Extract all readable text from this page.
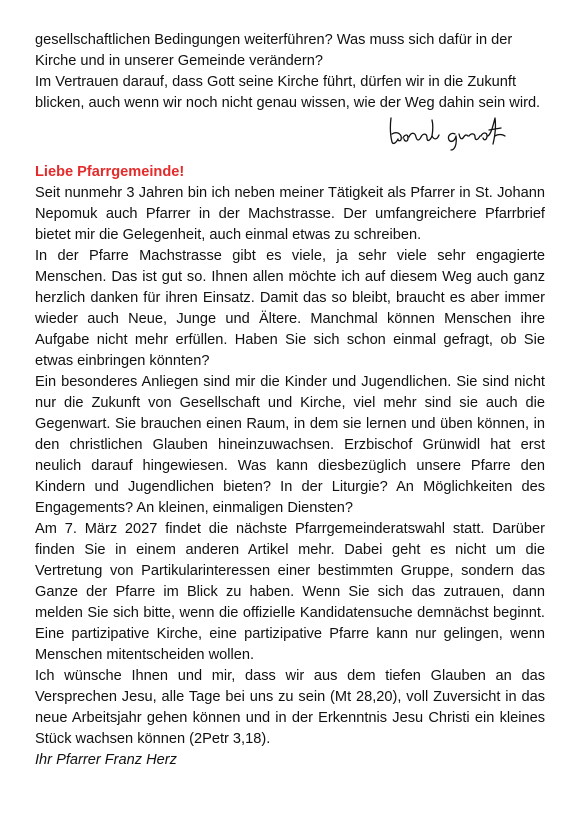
gesellschaftlichen Bedingungen weiterführen? Was muss sich dafür in der Kirche und in unserer Gemeinde verändern?

Im Vertrauen darauf, dass Gott seine Kirche führt, dürfen wir in die Zukunft blicken, auch wenn wir noch nicht genau wissen, wie der Weg dahin sein wird.

Liebe Pfarrgemeinde!

Seit nunmehr 3 Jahren bin ich neben meiner Tätigkeit als Pfarrer in St. Johann Nepomuk auch Pfarrer in der Machstrasse. Der umfangreichere Pfarrbrief bietet mir die Gelegenheit, auch einmal etwas zu schreiben.

In der Pfarre Machstrasse gibt es viele, ja sehr viele sehr engagierte Menschen. Das ist gut so. Ihnen allen möchte ich auf diesem Weg auch ganz herzlich danken für ihren Einsatz. Damit das so bleibt, braucht es aber immer wieder auch Neue, Junge und Ältere. Manchmal können Menschen ihre Aufgabe nicht mehr erfüllen. Haben Sie sich schon einmal gefragt, ob Sie etwas einbringen könnten?

Ein besonderes Anliegen sind mir die Kinder und Jugendlichen. Sie sind nicht nur die Zukunft von Gesellschaft und Kirche, viel mehr sind sie auch die Gegenwart. Sie brauchen einen Raum, in dem sie lernen und üben können, in den christlichen Glauben hineinzuwachsen. Erzbischof Grünwidl hat erst neulich darauf hingewiesen. Was kann diesbezüglich unsere Pfarre den Kindern und Jugendlichen bieten? In der Liturgie? An Möglichkeiten des Engagements? An kleinen, einmaligen Diensten?

Am 7. März 2027 findet die nächste Pfarrgemeinderatswahl statt. Darüber finden Sie in einem anderen Artikel mehr. Dabei geht es nicht um die Vertretung von Partikularinteressen einer bestimmten Gruppe, sondern das Ganze der Pfarre im Blick zu haben. Wenn Sie sich das zutrauen, dann melden Sie sich bitte, wenn die offizielle Kandidatensuche demnächst beginnt. Eine partizipative Kirche, eine partizipative Pfarre kann nur gelingen, wenn Menschen mitentscheiden wollen.

Ich wünsche Ihnen und mir, dass wir aus dem tiefen Glauben an das Versprechen Jesu, alle Tage bei uns zu sein (Mt 28,20), voll Zuversicht in das neue Arbeitsjahr gehen können und in der Erkenntnis Jesu Christi ein kleines Stück wachsen können (2Petr 3,18).

Ihr Pfarrer Franz Herz
